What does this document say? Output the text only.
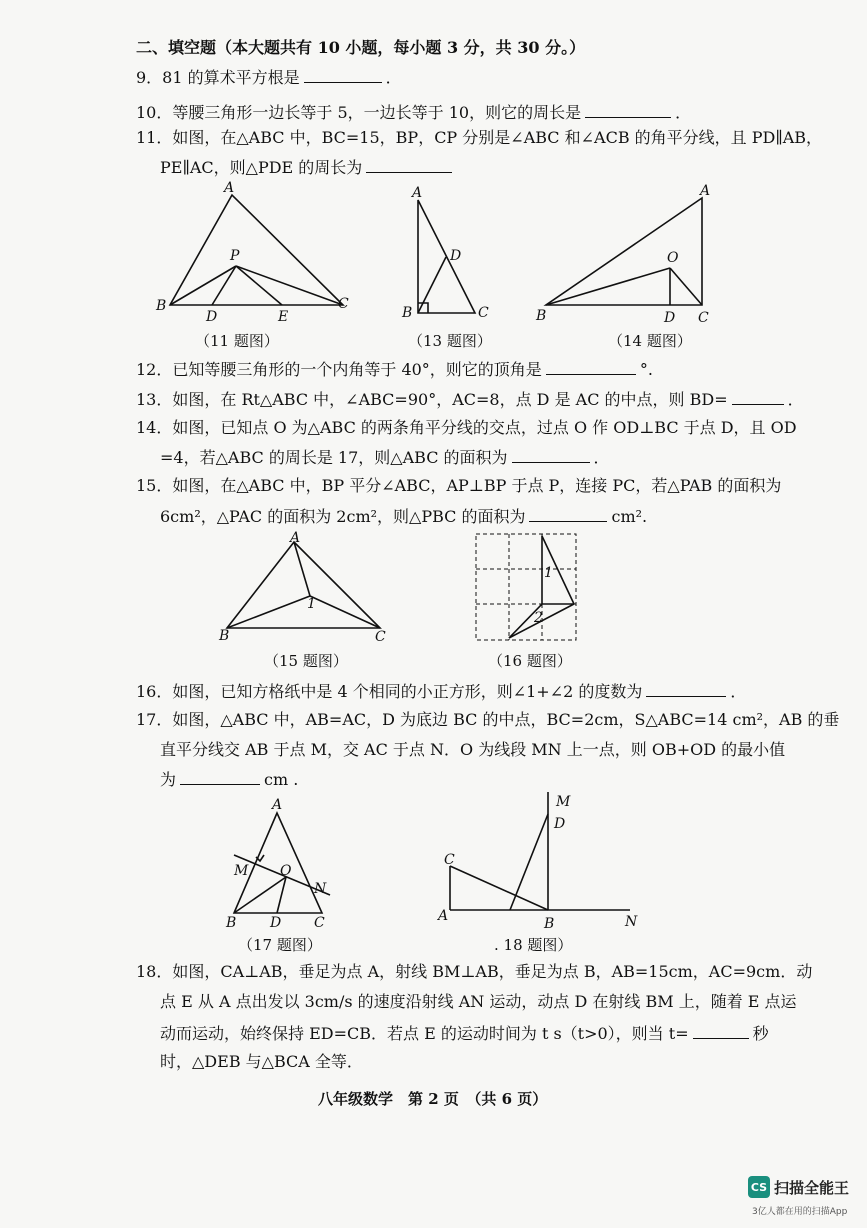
二、填空题（本大题共有 10 小题，每小题 3 分，共 30 分。）
9．81 的算术平方根是	．
10．等腰三角形一边长等于 5，一边长等于 10，则它的周长是	．
11．如图，在△ABC 中，BC=15，BP，CP 分别是∠ABC 和∠ACB 的角平分线，且 PD∥AB，
PE∥AC，则△PDE 的周长为
A
B	C
P
D	E
（11 题图）
A
B	C
D
（13 题图）
A
B	C
O
D
（14 题图）
12．已知等腰三角形的一个内角等于 40°，则它的顶角是	°.
13．如图，在 Rt△ABC 中，∠ABC=90°，AC=8，点 D 是 AC 的中点，则 BD=	．
14．如图，已知点 O 为△ABC 的两条角平分线的交点，过点 O 作 OD⊥BC 于点 D，且 OD
=4，若△ABC 的周长是 17，则△ABC 的面积为	．
15．如图，在△ABC 中，BP 平分∠ABC，AP⊥BP 于点 P，连接 PC，若△PAB 的面积为
6cm²，△PAC 的面积为 2cm²，则△PBC 的面积为	cm².
A
B	C
1
（15 题图）
1
2
（16 题图）
16．如图，已知方格纸中是 4 个相同的小正方形，则∠1+∠2 的度数为	．
17．如图，△ABC 中，AB=AC，D 为底边 BC 的中点，BC=2cm，S△ABC=14 cm²，AB 的垂
直平分线交 AB 于点 M，交 AC 于点 N．O 为线段 MN 上一点，则 OB+OD 的最小值
为	cm .
A
B	C
D
M
N
O
（17 题图）
M
D
C
A	B	N
. 18 题图）
18．如图，CA⊥AB，垂足为点 A，射线 BM⊥AB，垂足为点 B，AB=15cm，AC=9cm．动
点 E 从 A 点出发以 3cm/s 的速度沿射线 AN 运动，动点 D 在射线 BM 上，随着 E 点运
动而运动，始终保持 ED=CB．若点 E 的运动时间为 t s（t>0），则当 t=	秒
时，△DEB 与△BCA 全等．
八年级数学　第 2 页　（共 6 页）
CS 扫描全能王
3亿人都在用的扫描App
